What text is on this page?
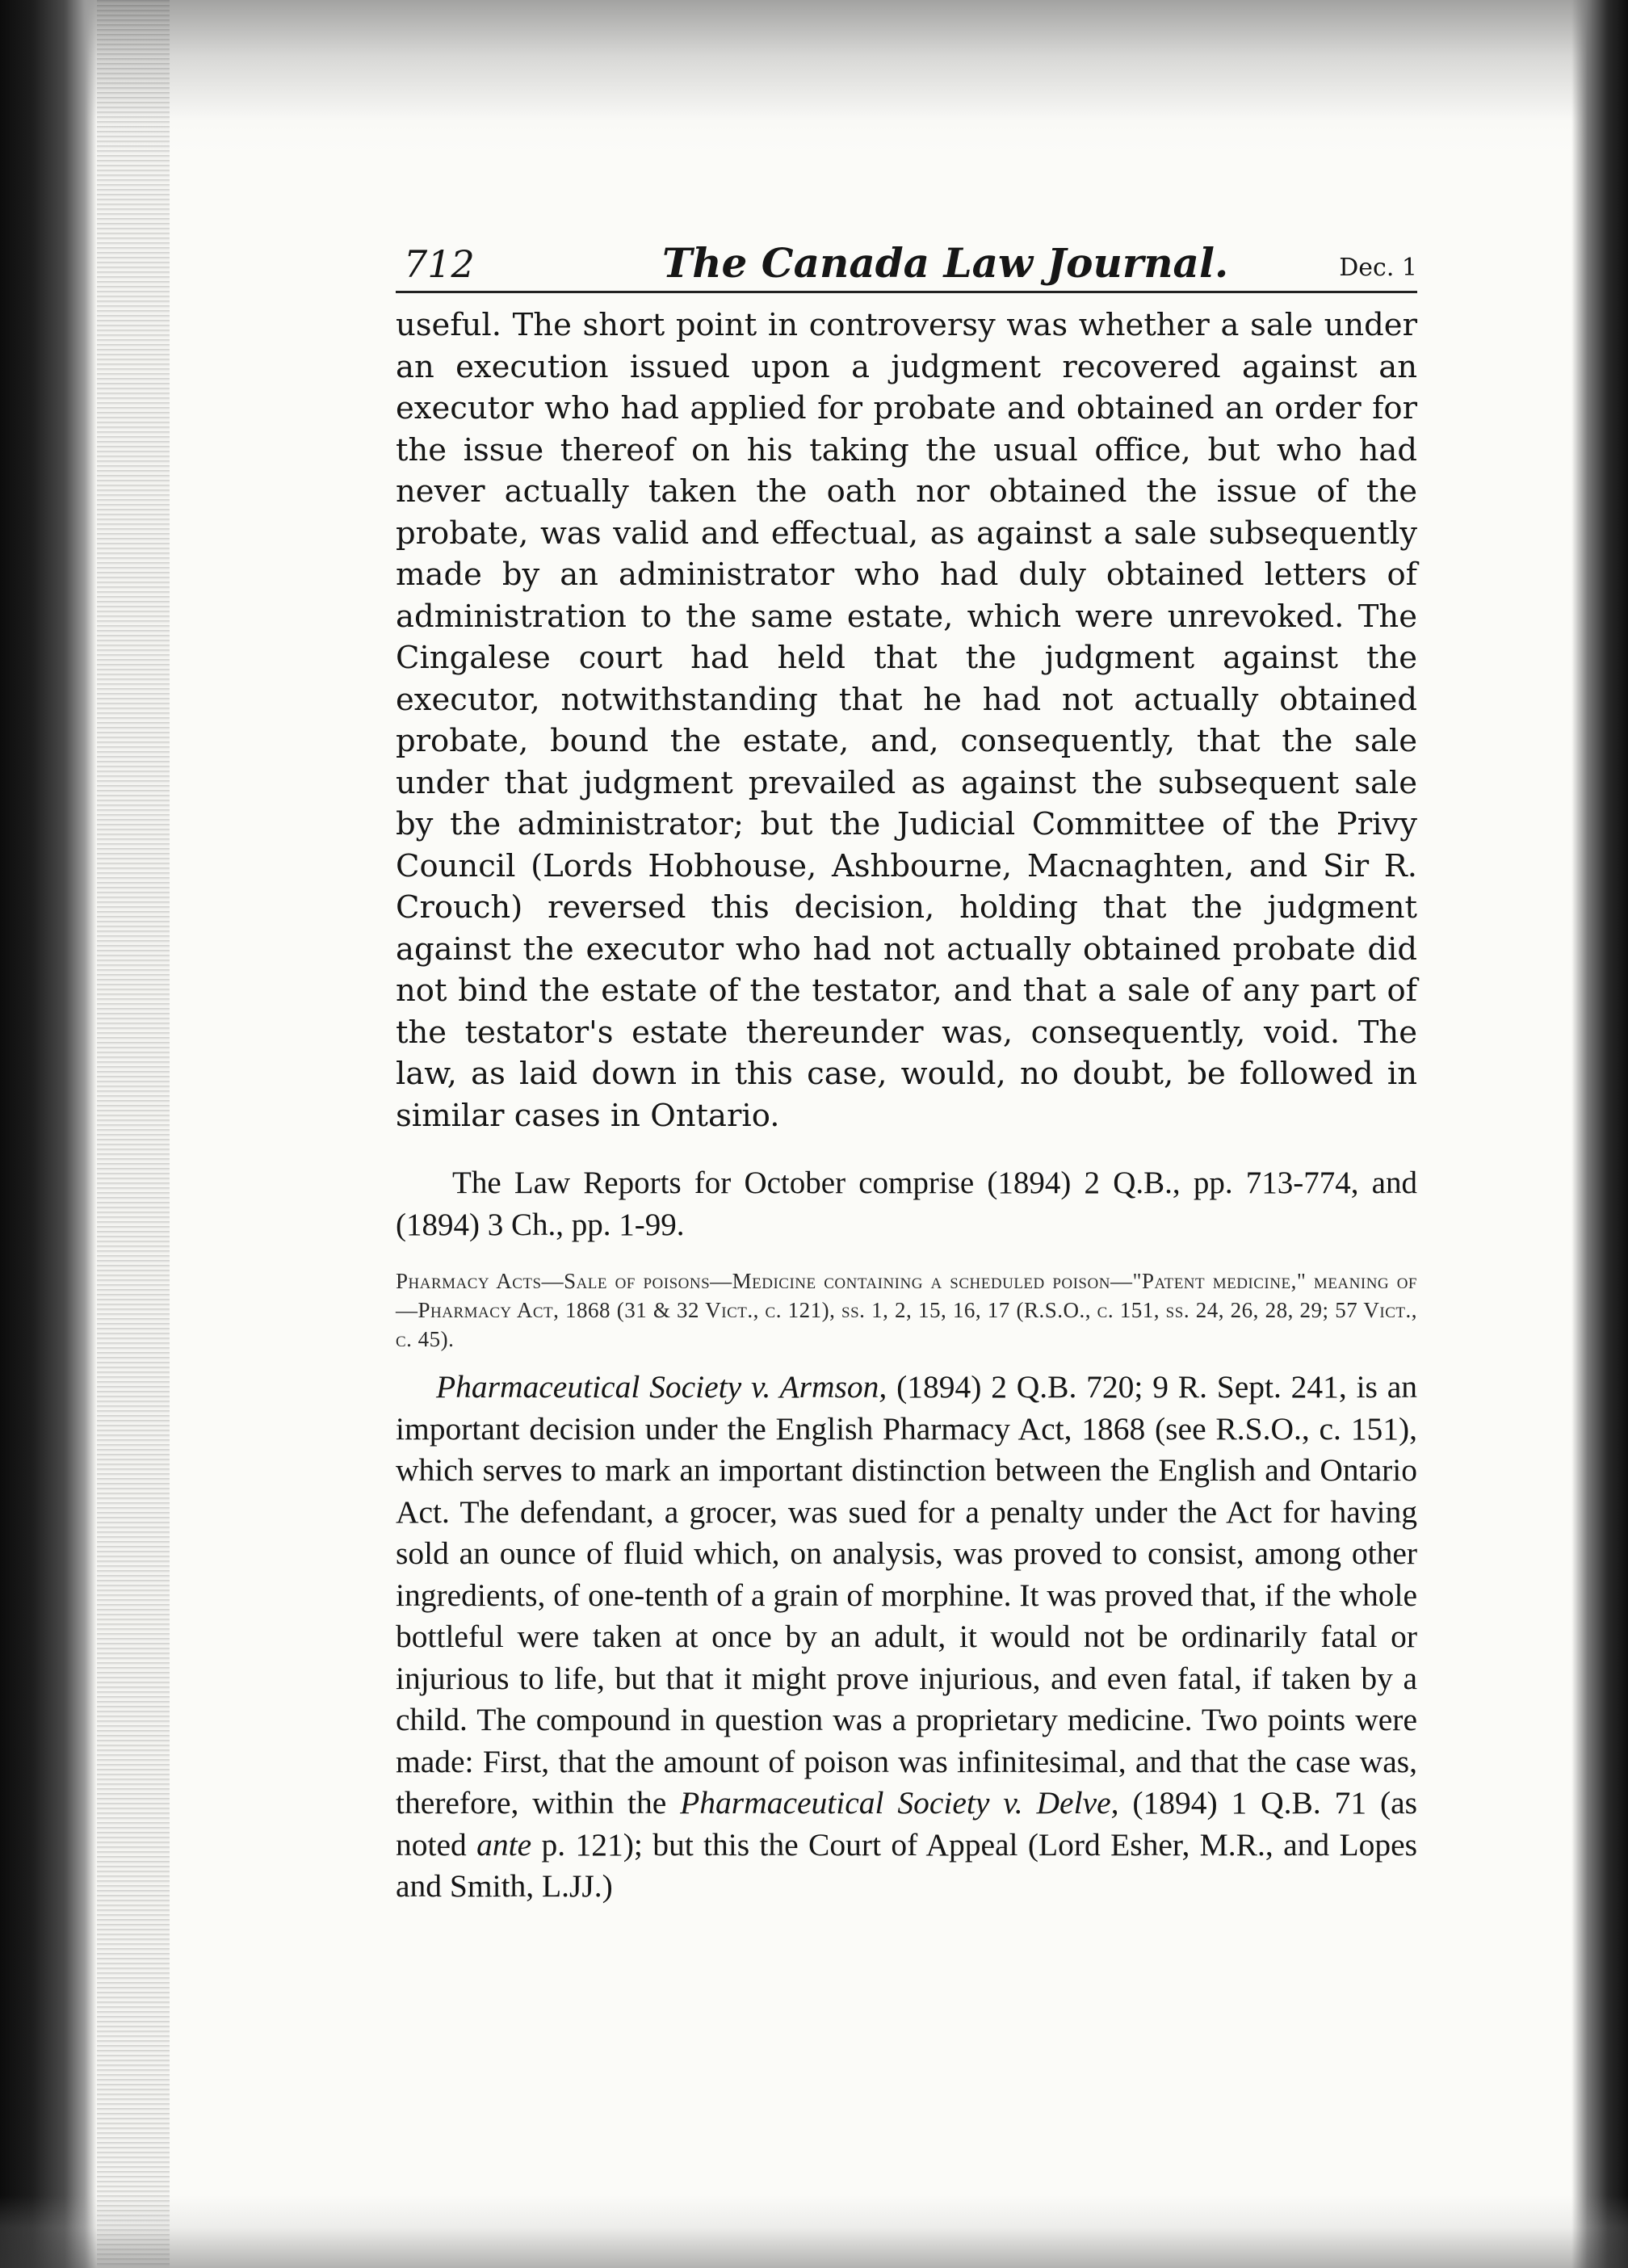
712	The Canada Law Journal.	Dec. 1

useful. The short point in controversy was whether a sale under an execution issued upon a judgment recovered against an executor who had applied for probate and obtained an order for the issue thereof on his taking the usual office, but who had never actually taken the oath nor obtained the issue of the probate, was valid and effectual, as against a sale subsequently made by an administrator who had duly obtained letters of administration to the same estate, which were unrevoked. The Cingalese court had held that the judgment against the executor, notwithstanding that he had not actually obtained probate, bound the estate, and, consequently, that the sale under that judgment prevailed as against the subsequent sale by the administrator; but the Judicial Committee of the Privy Council (Lords Hobhouse, Ashbourne, Macnaghten, and Sir R. Crouch) reversed this decision, holding that the judgment against the executor who had not actually obtained probate did not bind the estate of the testator, and that a sale of any part of the testator's estate thereunder was, consequently, void. The law, as laid down in this case, would, no doubt, be followed in similar cases in Ontario.

The Law Reports for October comprise (1894) 2 Q.B., pp. 713-774, and (1894) 3 Ch., pp. 1-99.

Pharmacy Acts—Sale of poisons—Medicine containing a scheduled poison—"Patent medicine," meaning of—Pharmacy Act, 1868 (31 & 32 Vict., c. 121), ss. 1, 2, 15, 16, 17 (R.S.O., c. 151, ss. 24, 26, 28, 29; 57 Vict., c. 45).

Pharmaceutical Society v. Armson, (1894) 2 Q.B. 720; 9 R. Sept. 241, is an important decision under the English Pharmacy Act, 1868 (see R.S.O., c. 151), which serves to mark an important distinction between the English and Ontario Act. The defendant, a grocer, was sued for a penalty under the Act for having sold an ounce of fluid which, on analysis, was proved to consist, among other ingredients, of one-tenth of a grain of morphine. It was proved that, if the whole bottleful were taken at once by an adult, it would not be ordinarily fatal or injurious to life, but that it might prove injurious, and even fatal, if taken by a child. The compound in question was a proprietary medicine. Two points were made: First, that the amount of poison was infinitesimal, and that the case was, therefore, within the Pharmaceutical Society v. Delve, (1894) 1 Q.B. 71 (as noted ante p. 121); but this the Court of Appeal (Lord Esher, M.R., and Lopes and Smith, L.JJ.)
